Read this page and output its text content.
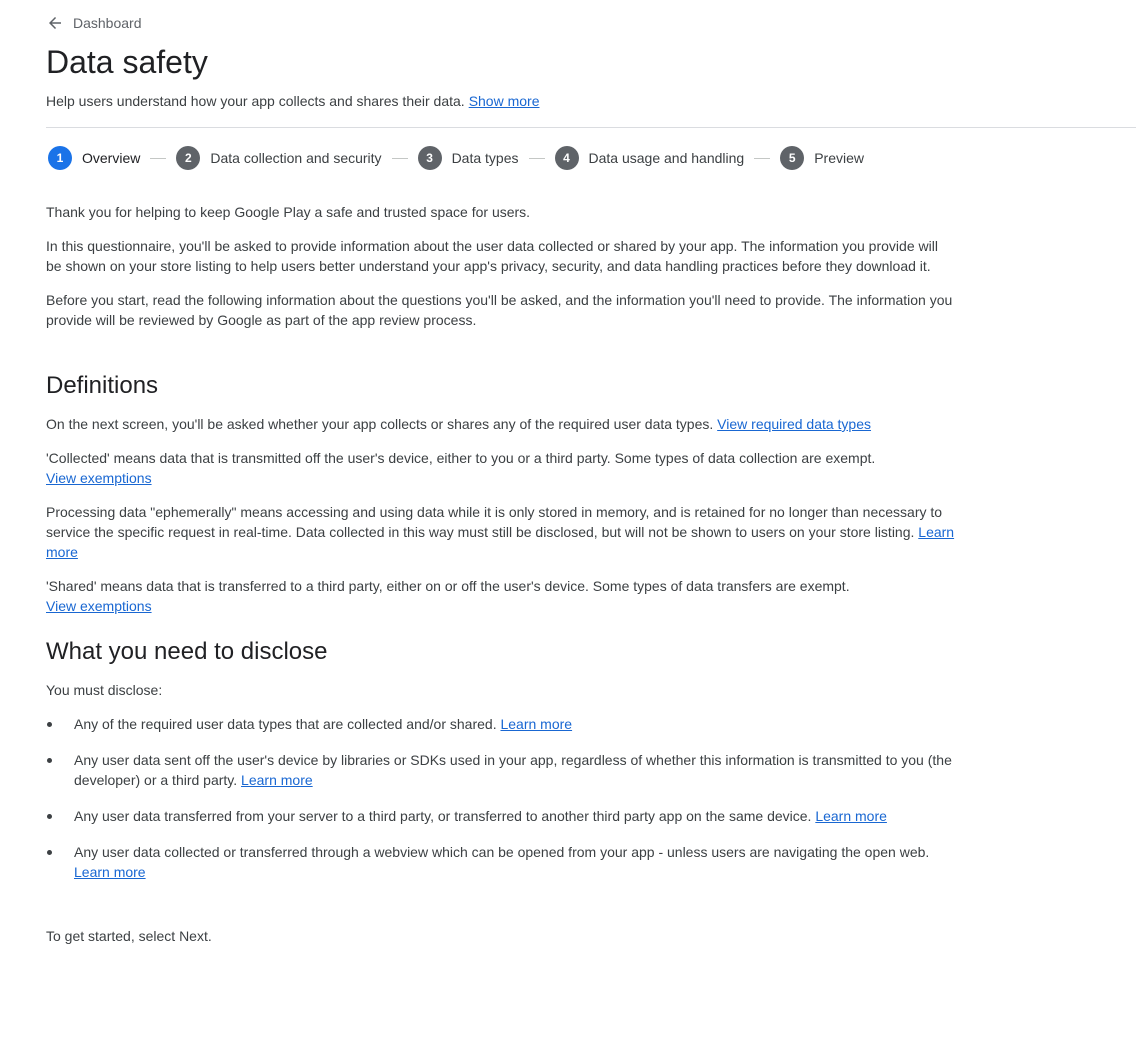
Dashboard
Data safety
Help users understand how your app collects and shares their data. Show more
1	Overview	2	Data collection and security	3	Data types	4	Data usage and handling	5	Preview

Thank you for helping to keep Google Play a safe and trusted space for users.

In this questionnaire, you'll be asked to provide information about the user data collected or shared by your app. The information you provide will be shown on your store listing to help users better understand your app's privacy, security, and data handling practices before they download it.

Before you start, read the following information about the questions you'll be asked, and the information you'll need to provide. The information you provide will be reviewed by Google as part of the app review process.

Definitions

On the next screen, you'll be asked whether your app collects or shares any of the required user data types. View required data types

'Collected' means data that is transmitted off the user's device, either to you or a third party. Some types of data collection are exempt.
View exemptions

Processing data "ephemerally" means accessing and using data while it is only stored in memory, and is retained for no longer than necessary to service the specific request in real-time. Data collected in this way must still be disclosed, but will not be shown to users on your store listing. Learn more

'Shared' means data that is transferred to a third party, either on or off the user's device. Some types of data transfers are exempt.
View exemptions

What you need to disclose

You must disclose:

Any of the required user data types that are collected and/or shared. Learn more
Any user data sent off the user's device by libraries or SDKs used in your app, regardless of whether this information is transmitted to you (the developer) or a third party. Learn more
Any user data transferred from your server to a third party, or transferred to another third party app on the same device. Learn more
Any user data collected or transferred through a webview which can be opened from your app - unless users are navigating the open web. Learn more

To get started, select Next.
